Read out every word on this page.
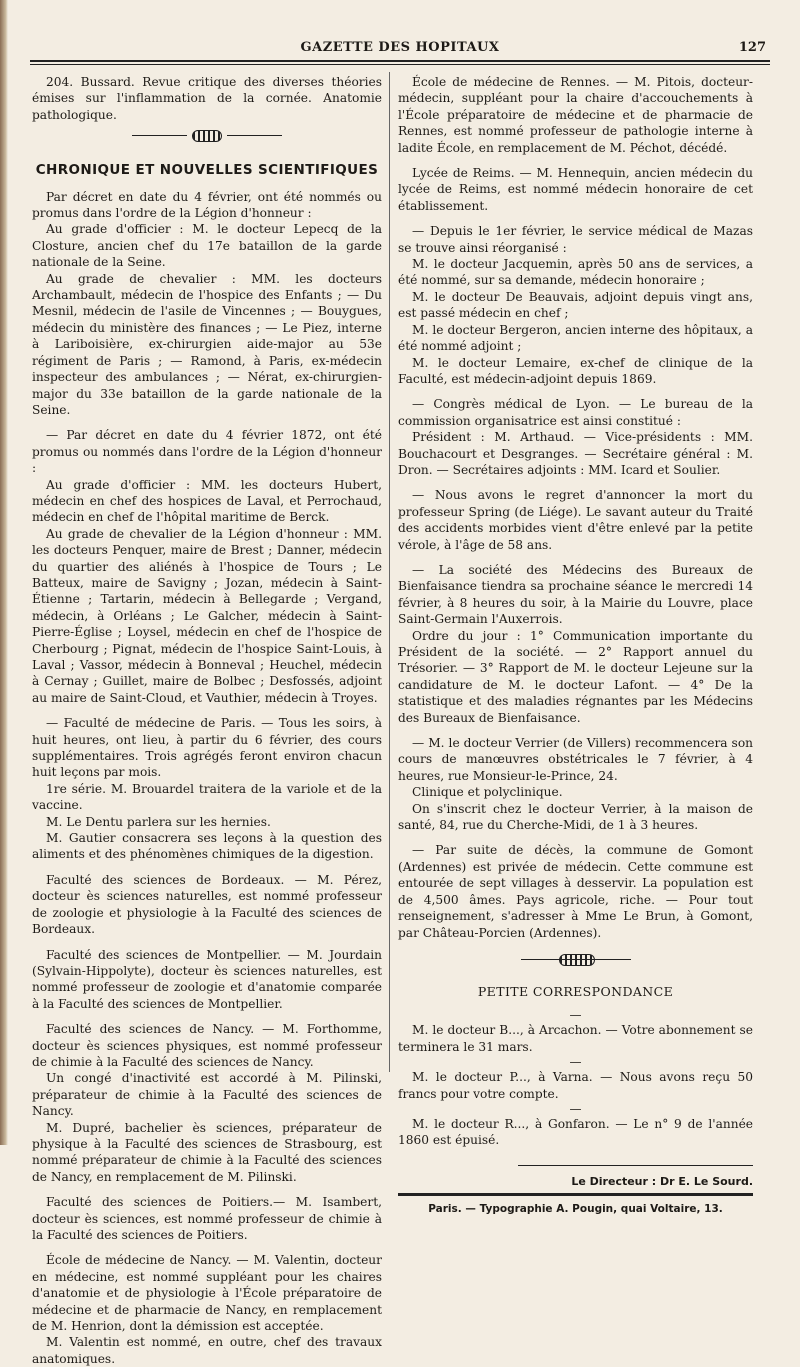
GAZETTE DES HOPITAUX	127

204. Bussard. Revue critique des diverses théories émises sur l'inflammation de la cornée. Anatomie pathologique.

CHRONIQUE ET NOUVELLES SCIENTIFIQUES

Par décret en date du 4 février, ont été nommés ou promus dans l'ordre de la Légion d'honneur :

Au grade d'officier : M. le docteur Lepecq de la Closture, ancien chef du 17e bataillon de la garde nationale de la Seine.

Au grade de chevalier : MM. les docteurs Archambault, médecin de l'hospice des Enfants ; — Du Mesnil, médecin de l'asile de Vincennes ; — Bouygues, médecin du ministère des finances ; — Le Piez, interne à Lariboisière, ex-chirurgien aide-major au 53e régiment de Paris ; — Ramond, à Paris, ex-médecin inspecteur des ambulances ; — Nérat, ex-chirurgien-major du 33e bataillon de la garde nationale de la Seine.

— Par décret en date du 4 février 1872, ont été promus ou nommés dans l'ordre de la Légion d'honneur :

Au grade d'officier : MM. les docteurs Hubert, médecin en chef des hospices de Laval, et Perrochaud, médecin en chef de l'hôpital maritime de Berck.

Au grade de chevalier de la Légion d'honneur : MM. les docteurs Penquer, maire de Brest ; Danner, médecin du quartier des aliénés à l'hospice de Tours ; Le Batteux, maire de Savigny ; Jozan, médecin à Saint-Étienne ; Tartarin, médecin à Bellegarde ; Vergand, médecin, à Orléans ; Le Galcher, médecin à Saint-Pierre-Église ; Loysel, médecin en chef de l'hospice de Cherbourg ; Pignat, médecin de l'hospice Saint-Louis, à Laval ; Vassor, médecin à Bonneval ; Heuchel, médecin à Cernay ; Guillet, maire de Bolbec ; Desfossés, adjoint au maire de Saint-Cloud, et Vauthier, médecin à Troyes.

— Faculté de médecine de Paris. — Tous les soirs, à huit heures, ont lieu, à partir du 6 février, des cours supplémentaires. Trois agrégés feront environ chacun huit leçons par mois.

1re série. M. Brouardel traitera de la variole et de la vaccine.

M. Le Dentu parlera sur les hernies.

M. Gautier consacrera ses leçons à la question des aliments et des phénomènes chimiques de la digestion.

Faculté des sciences de Bordeaux. — M. Pérez, docteur ès sciences naturelles, est nommé professeur de zoologie et physiologie à la Faculté des sciences de Bordeaux.

Faculté des sciences de Montpellier. — M. Jourdain (Sylvain-Hippolyte), docteur ès sciences naturelles, est nommé professeur de zoologie et d'anatomie comparée à la Faculté des sciences de Montpellier.

Faculté des sciences de Nancy. — M. Forthomme, docteur ès sciences physiques, est nommé professeur de chimie à la Faculté des sciences de Nancy.

Un congé d'inactivité est accordé à M. Pilinski, préparateur de chimie à la Faculté des sciences de Nancy.

M. Dupré, bachelier ès sciences, préparateur de physique à la Faculté des sciences de Strasbourg, est nommé préparateur de chimie à la Faculté des sciences de Nancy, en remplacement de M. Pilinski.

Faculté des sciences de Poitiers.— M. Isambert, docteur ès sciences, est nommé professeur de chimie à la Faculté des sciences de Poitiers.

École de médecine de Nancy. — M. Valentin, docteur en médecine, est nommé suppléant pour les chaires d'anatomie et de physiologie à l'École préparatoire de médecine et de pharmacie de Nancy, en remplacement de M. Henrion, dont la démission est acceptée.

M. Valentin est nommé, en outre, chef des travaux anatomiques.

École de médecine de Rennes. — M. Pitois, docteur-médecin, suppléant pour la chaire d'accouchements à l'École préparatoire de médecine et de pharmacie de Rennes, est nommé professeur de pathologie interne à ladite École, en remplacement de M. Péchot, décédé.

Lycée de Reims. — M. Hennequin, ancien médecin du lycée de Reims, est nommé médecin honoraire de cet établissement.

— Depuis le 1er février, le service médical de Mazas se trouve ainsi réorganisé :

M. le docteur Jacquemin, après 50 ans de services, a été nommé, sur sa demande, médecin honoraire ;

M. le docteur De Beauvais, adjoint depuis vingt ans, est passé médecin en chef ;

M. le docteur Bergeron, ancien interne des hôpitaux, a été nommé adjoint ;

M. le docteur Lemaire, ex-chef de clinique de la Faculté, est médecin-adjoint depuis 1869.

— Congrès médical de Lyon. — Le bureau de la commission organisatrice est ainsi constitué :

Président : M. Arthaud. — Vice-présidents : MM. Bouchacourt et Desgranges. — Secrétaire général : M. Dron. — Secrétaires adjoints : MM. Icard et Soulier.

— Nous avons le regret d'annoncer la mort du professeur Spring (de Liége). Le savant auteur du Traité des accidents morbides vient d'être enlevé par la petite vérole, à l'âge de 58 ans.

— La société des Médecins des Bureaux de Bienfaisance tiendra sa prochaine séance le mercredi 14 février, à 8 heures du soir, à la Mairie du Louvre, place Saint-Germain l'Auxerrois.

Ordre du jour : 1° Communication importante du Président de la société. — 2° Rapport annuel du Trésorier. — 3° Rapport de M. le docteur Lejeune sur la candidature de M. le docteur Lafont. — 4° De la statistique et des maladies régnantes par les Médecins des Bureaux de Bienfaisance.

— M. le docteur Verrier (de Villers) recommencera son cours de manœuvres obstétricales le 7 février, à 4 heures, rue Monsieur-le-Prince, 24.

Clinique et polyclinique.

On s'inscrit chez le docteur Verrier, à la maison de santé, 84, rue du Cherche-Midi, de 1 à 3 heures.

— Par suite de décès, la commune de Gomont (Ardennes) est privée de médecin. Cette commune est entourée de sept villages à desservir. La population est de 4,500 âmes. Pays agricole, riche. — Pour tout renseignement, s'adresser à Mme Le Brun, à Gomont, par Château-Porcien (Ardennes).

PETITE CORRESPONDANCE
—

M. le docteur B..., à Arcachon. — Votre abonnement se terminera le 31 mars.

—

M. le docteur P..., à Varna. — Nous avons reçu 50 francs pour votre compte.

—

M. le docteur R..., à Gonfaron. — Le n° 9 de l'année 1860 est épuisé.

Le Directeur : Dr E. Le Sourd.
Paris. — Typographie A. Pougin, quai Voltaire, 13.
